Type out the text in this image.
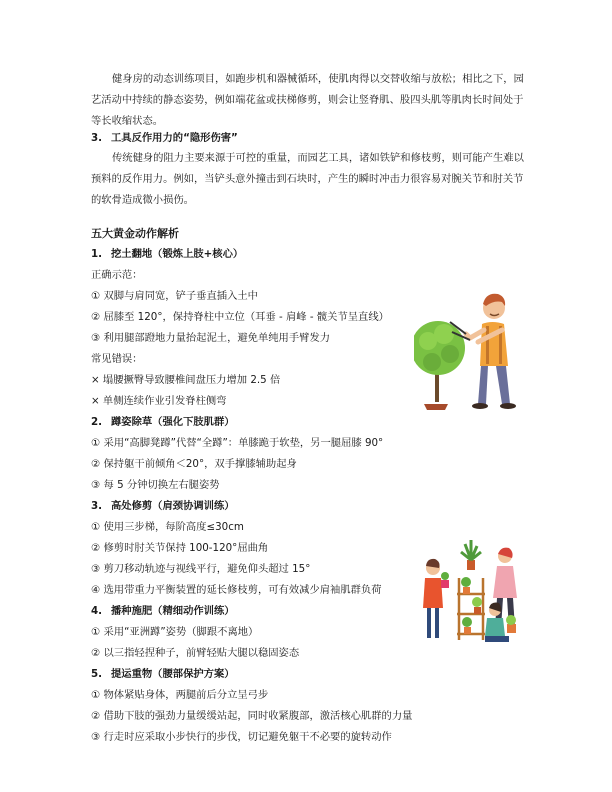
健身房的动态训练项目，如跑步机和器械循环，使肌肉得以交替收缩与放松；相比之下，园艺活动中持续的静态姿势，例如端花盆或扶梯修剪，则会让竖脊肌、股四头肌等肌肉长时间处于等长收缩状态。

3. 工具反作用力的“隐形伤害”

传统健身的阻力主要来源于可控的重量，而园艺工具，诸如铁铲和修枝剪，则可能产生难以预料的反作用力。例如，当铲头意外撞击到石块时，产生的瞬时冲击力很容易对腕关节和肘关节的软骨造成微小损伤。

五大黄金动作解析
1. 挖土翻地（锻炼上肢+核心）
正确示范：
① 双脚与肩同宽，铲子垂直插入土中
② 屈膝至 120°，保持脊柱中立位（耳垂 - 肩峰 - 髋关节呈直线）
③ 利用腿部蹬地力量抬起泥土，避免单纯用手臂发力
常见错误：
× 塌腰撅臀导致腰椎间盘压力增加 2.5 倍
× 单侧连续作业引发脊柱侧弯
2. 蹲姿除草（强化下肢肌群）
① 采用“高脚凳蹲”代替“全蹲”：单膝跪于软垫，另一腿屈膝 90°
② 保持躯干前倾角＜20°，双手撑膝辅助起身
③ 每 5 分钟切换左右腿姿势
3. 高处修剪（肩颈协调训练）
① 使用三步梯，每阶高度≤30cm
② 修剪时肘关节保持 100-120°屈曲角
③ 剪刀移动轨迹与视线平行，避免仰头超过 15°
④ 选用带重力平衡装置的延长修枝剪，可有效减少肩袖肌群负荷
4. 播种施肥（精细动作训练）
① 采用“亚洲蹲”姿势（脚跟不离地）
② 以三指轻捏种子，前臂轻贴大腿以稳固姿态
5. 提运重物（腰部保护方案）
① 物体紧贴身体，两腿前后分立呈弓步
② 借助下肢的强劲力量缓缓站起，同时收紧腹部，激活核心肌群的力量
③ 行走时应采取小步快行的步伐，切记避免躯干不必要的旋转动作
